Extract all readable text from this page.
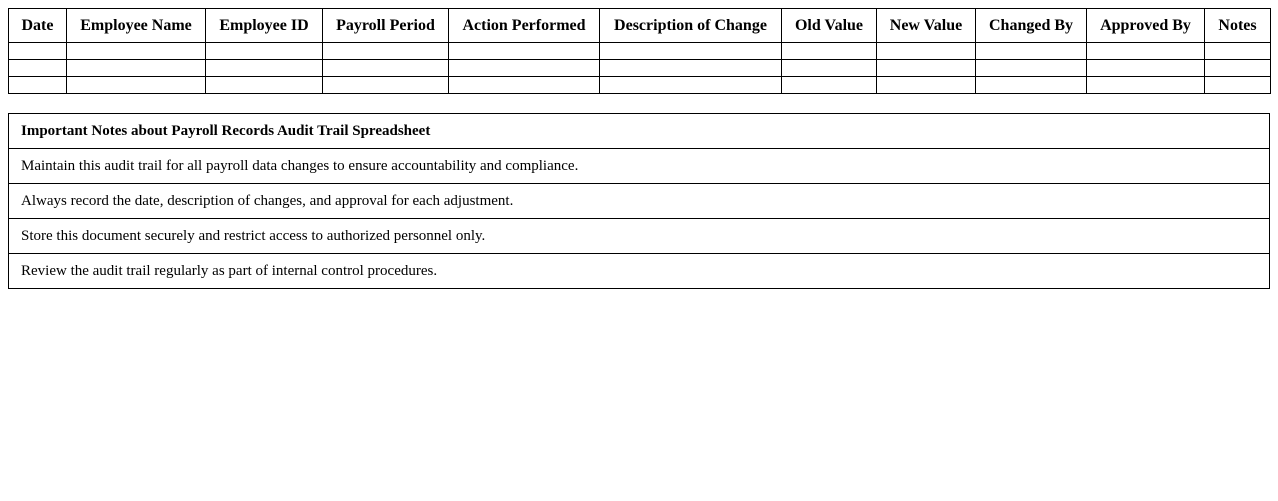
Date	Employee Name	Employee ID	Payroll Period	Action Performed	Description of Change	Old Value	New Value	Changed By	Approved By	Notes

Important Notes about Payroll Records Audit Trail Spreadsheet
Maintain this audit trail for all payroll data changes to ensure accountability and compliance.
Always record the date, description of changes, and approval for each adjustment.
Store this document securely and restrict access to authorized personnel only.
Review the audit trail regularly as part of internal control procedures.
